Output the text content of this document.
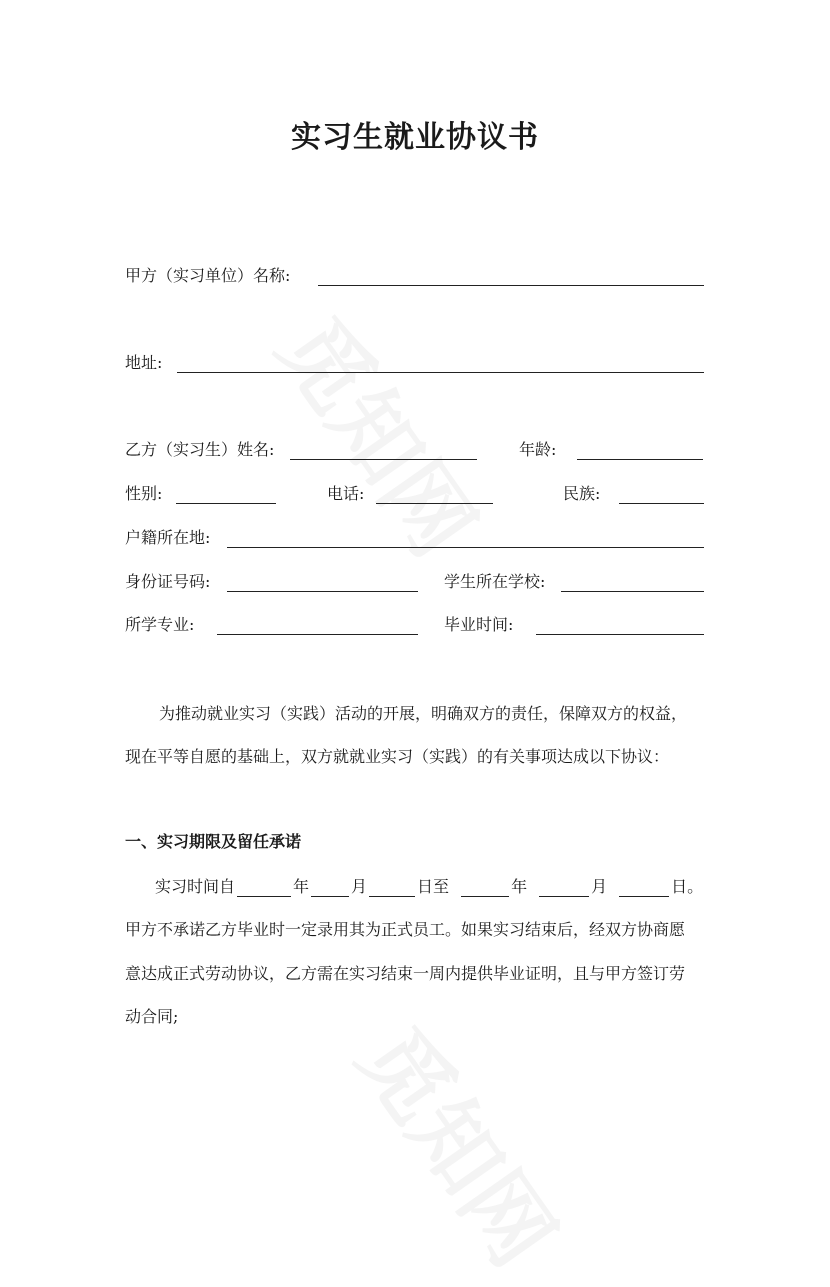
实习生就业协议书
甲方（实习单位）名称:
地址:
乙方（实习生）姓名:	年龄:
性别:	电话:	民族:
户籍所在地:
身份证号码:	学生所在学校:
所学专业:	毕业时间:
为推动就业实习（实践）活动的开展，明确双方的责任，保障双方的权益，
现在平等自愿的基础上，双方就就业实习（实践）的有关事项达成以下协议：
一、实习期限及留任承诺
实习时间自	年	月	日至	年	月	日。
甲方不承诺乙方毕业时一定录用其为正式员工。如果实习结束后，经双方协商愿
意达成正式劳动协议，乙方需在实习结束一周内提供毕业证明，且与甲方签订劳
动合同;
